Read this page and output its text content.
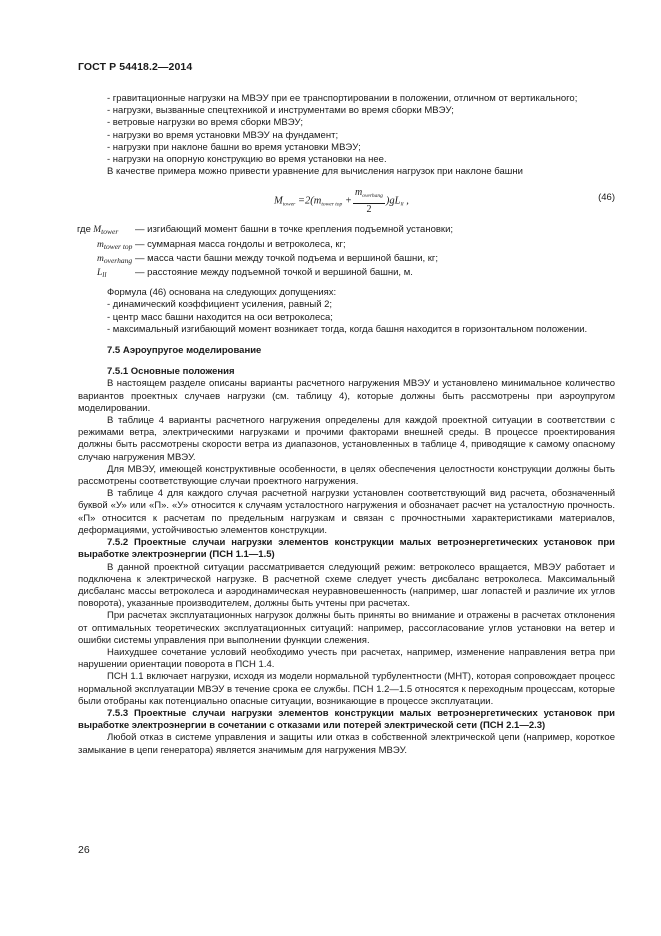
ГОСТ Р 54418.2—2014

- гравитационные нагрузки на МВЭУ при ее транспортировании в положении, отличном от вертикального;

- нагрузки, вызванные спецтехникой и инструментами во время сборки МВЭУ;

- ветровые нагрузки во время сборки МВЭУ;

- нагрузки во время установки МВЭУ на фундамент;

- нагрузки при наклоне башни во время установки МВЭУ;

- нагрузки на опорную конструкцию во время установки на нее.

В качестве примера можно привести уравнение для вычисления нагрузок при наклоне башни

$M_{tower} =2(m_{tower top} + \frac{m_{overhang}}{2} )gL_{ll}$ ,	(46)
где $M_{tower}$	— изгибающий момент башни в точке крепления подъемной установки;
$m_{tower top}$ — суммарная масса гондолы и ветроколеса, кг;
$m_{overhang}$ — масса части башни между точкой подъема и вершиной башни, кг;
$L_{ll}$	— расстояние между подъемной точкой и вершиной башни, м.

Формула (46) основана на следующих допущениях:

- динамический коэффициент усиления, равный 2;

- центр масс башни находится на оси ветроколеса;

- максимальный изгибающий момент возникает тогда, когда башня находится в горизонтальном положении.

7.5 Аэроупругое моделирование

7.5.1 Основные положения

В настоящем разделе описаны варианты расчетного нагружения МВЭУ и установлено минимальное количество вариантов проектных случаев нагрузки (см. таблицу 4), которые должны быть рассмотрены при аэроупругом моделировании.

В таблице 4 варианты расчетного нагружения определены для каждой проектной ситуации в соответствии с режимами ветра, электрическими нагрузками и прочими факторами внешней среды. В процессе проектирования должны быть рассмотрены скорости ветра из диапазонов, установленных в таблице 4, приводящие к самому опасному случаю нагружения МВЭУ.

Для МВЭУ, имеющей конструктивные особенности, в целях обеспечения целостности конструкции должны быть рассмотрены соответствующие случаи проектного нагружения.

В таблице 4 для каждого случая расчетной нагрузки установлен соответствующий вид расчета, обозначенный буквой «У» или «П». «У» относится к случаям усталостного нагружения и обозначает расчет на усталостную прочность. «П» относится к расчетам по предельным нагрузкам и связан с прочностными характеристиками материалов, деформациями, устойчивостью элементов конструкции.

7.5.2 Проектные случаи нагрузки элементов конструкции малых ветроэнергетических установок при выработке электроэнергии (ПСН 1.1—1.5)

В данной проектной ситуации рассматривается следующий режим: ветроколесо вращается, МВЭУ работает и подключена к электрической нагрузке. В расчетной схеме следует учесть дисбаланс ветроколеса. Максимальный дисбаланс массы ветроколеса и аэродинамическая неуравновешенность (например, шаг лопастей и различие их углов поворота), указанные производителем, должны быть учтены при расчетах.

При расчетах эксплуатационных нагрузок должны быть приняты во внимание и отражены в расчетах отклонения от оптимальных теоретических эксплуатационных ситуаций: например, рассогласование углов установки на ветер и ошибки системы управления при выполнении функции слежения.

Наихудшее сочетание условий необходимо учесть при расчетах, например, изменение направления ветра при нарушении ориентации поворота в ПСН 1.4.

ПСН 1.1 включает нагрузки, исходя из модели нормальной турбулентности (МНТ), которая сопровождает процесс нормальной эксплуатации МВЭУ в течение срока ее службы. ПСН 1.2—1.5 относятся к переходным процессам, которые были отобраны как потенциально опасные ситуации, возникающие в процессе эксплуатации.

7.5.3 Проектные случаи нагрузки элементов конструкции малых ветроэнергетических установок при выработке электроэнергии в сочетании с отказами или потерей электрической сети (ПСН 2.1—2.3)

Любой отказ в системе управления и защиты или отказ в собственной электрической цепи (например, короткое замыкание в цепи генератора) является значимым для нагружения МВЭУ.

26
